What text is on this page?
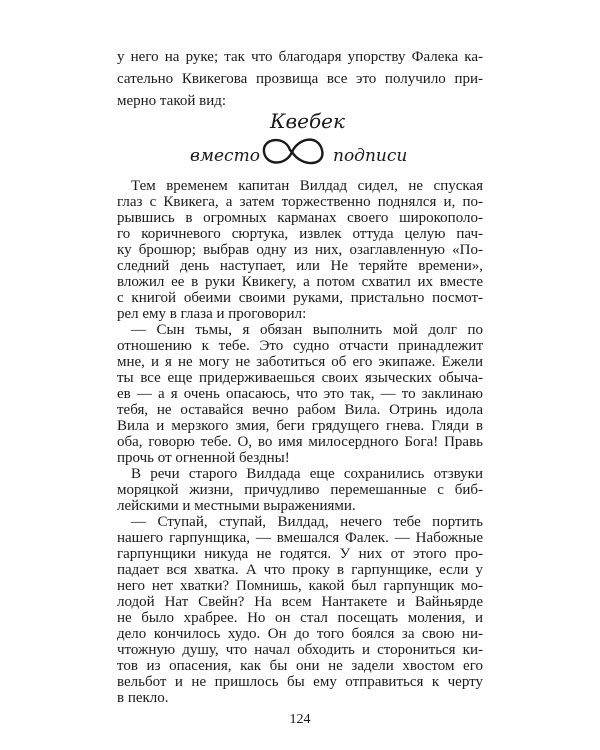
у него на руке; так что благодаря упорству Фалека ка-
сательно Квикегова прозвища все это получило при-
мерно такой вид:
Квебек
вместо	подписи
Тем временем капитан Вилдад сидел, не спуская
глаз с Квикега, а затем торжественно поднялся и, по-
рывшись в огромных карманах своего широкополо-
го коричневого сюртука, извлек оттуда целую пач-
ку брошюр; выбрав одну из них, озаглавленную «По-
следний день наступает, или Не теряйте времени»,
вложил ее в руки Квикегу, а потом схватил их вместе
с книгой обеими своими руками, пристально посмот-
рел ему в глаза и проговорил:
— Сын тьмы, я обязан выполнить мой долг по
отношению к тебе. Это судно отчасти принадлежит
мне, и я не могу не заботиться об его экипаже. Ежели
ты все еще придерживаешься своих языческих обыча-
ев — а я очень опасаюсь, что это так, — то заклинаю
тебя, не оставайся вечно рабом Вила. Отринь идола
Вила и мерзкого змия, беги грядущего гнева. Гляди в
оба, говорю тебе. О, во имя милосердного Бога! Правь
прочь от огненной бездны!
В речи старого Вилдада еще сохранились отзвуки
моряцкой жизни, причудливо перемешанные с биб-
лейскими и местными выражениями.
— Ступай, ступай, Вилдад, нечего тебе портить
нашего гарпунщика, — вмешался Фалек. — Набожные
гарпунщики никуда не годятся. У них от этого про-
124
падает вся хватка. А что проку в гарпунщике, если у
него нет хватки? Помнишь, какой был гарпунщик мо-
лодой Нат Свейн? На всем Нантакете и Вайньярде
не было храбрее. Но он стал посещать моления, и
дело кончилось худо. Он до того боялся за свою ни-
чтожную душу, что начал обходить и сторониться ки-
тов из опасения, как бы они не задели хвостом его
вельбот и не пришлось бы ему отправиться к черту
в пекло.
